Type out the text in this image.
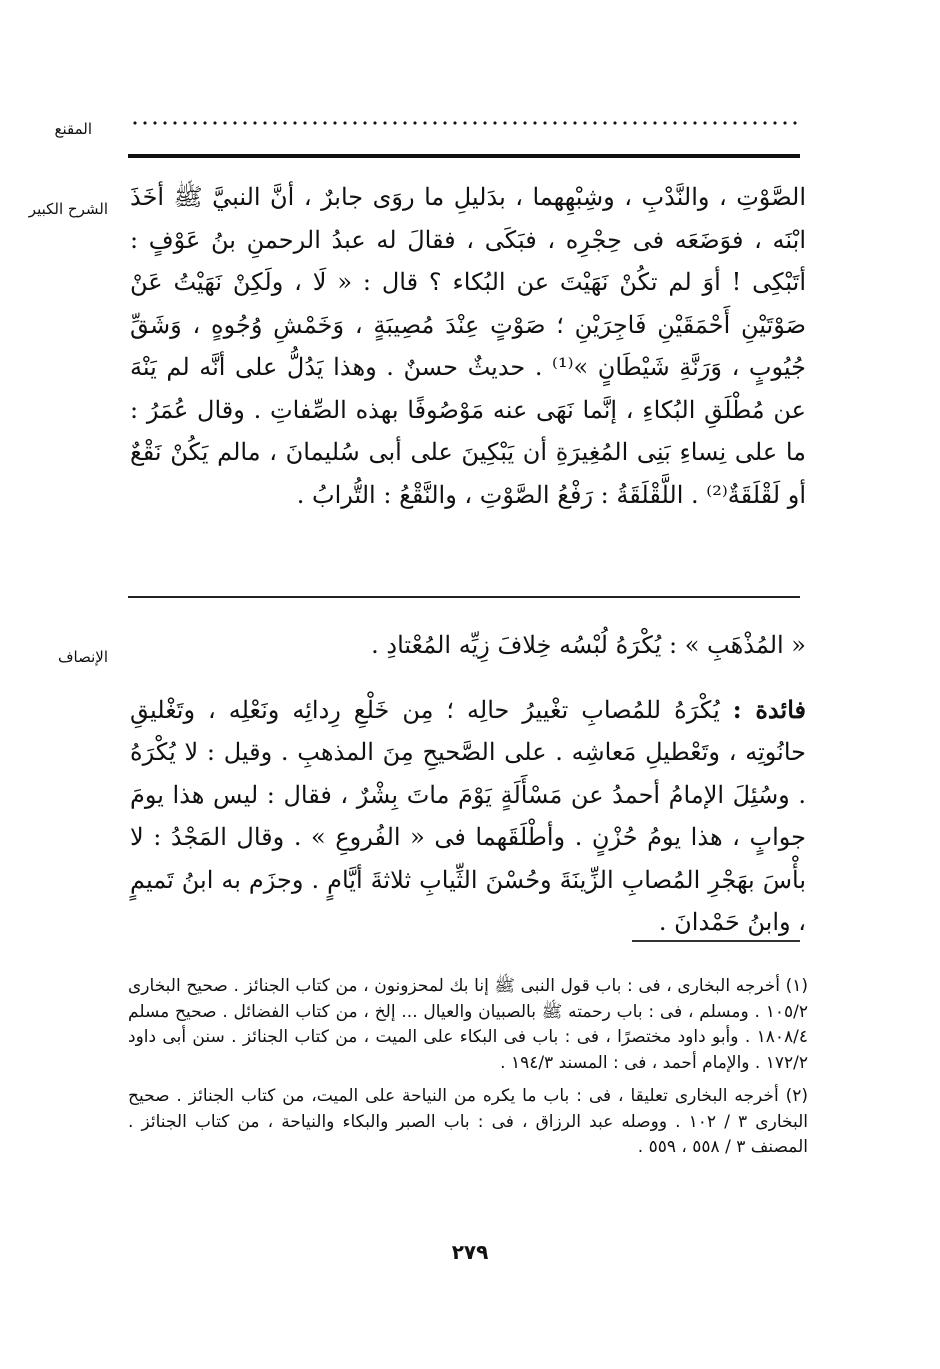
المقنع
الشرح الكبير الصَّوْتِ ، والنَّدْبِ ، وشِبْهِهما ، بدَليلِ ما روَى جابرٌ ، أنَّ النبيَّ ﷺ أخَذَ ابْنَه ، فوَضَعَه فى حِجْرِه ، فبَكَى ، فقالَ له عبدُ الرحمنِ بنُ عَوْفٍ : أتَبْكِى ! أوَ لم تكُنْ نَهَيْتَ عن البُكاء ؟ قال : « لَا ، ولَكِنْ نَهَيْتُ عَنْ صَوْتَيْنِ أَحْمَقَيْنِ فَاجِرَيْنِ ؛ صَوْتٍ عِنْدَ مُصِيبَةٍ ، وَخَمْشِ وُجُوهٍ ، وَشَقِّ جُيُوبٍ ، وَرَنَّةِ شَيْطَانٍ »⁽¹⁾ . حديثٌ حسنٌ . وهذا يَدُلُّ على أنَّه لم يَنْهَ عن مُطْلَقِ البُكاءِ ، إنَّما نَهَى عنه مَوْصُوفًا بهذه الصِّفاتِ . وقال عُمَرُ : ما على نِساءِ بَنِى المُغِيرَةِ أن يَبْكِينَ على أبى سُليمانَ ، مالم يَكُنْ نَقْعٌ أو لَقْلَقَةٌ⁽²⁾ . اللَّقْلَقَةُ : رَفْعُ الصَّوْتِ ، والنَّقْعُ : التُّرابُ .

الإنصاف	« المُذْهَبِ » : يُكْرَهُ لُبْسُه خِلافَ زِيِّه المُعْتادِ .

فائدة : يُكْرَهُ للمُصابِ تغْييرُ حالِه ؛ مِن خَلْعِ رِدائِه ونَعْلِه ، وتَغْليقِ حانُوتِه ، وتَعْطيلِ مَعاشِه . على الصَّحيحِ مِنَ المذهبِ . وقيل : لا يُكْرَهُ . وسُئِلَ الإمامُ أحمدُ عن مَسْأَلَةٍ يَوْمَ ماتَ بِشْرٌ ، فقال : ليس هذا يومَ جوابٍ ، هذا يومُ حُزْنٍ . وأطْلَقَهما فى « الفُروعِ » . وقال المَجْدُ : لا بأْسَ بهَجْرِ المُصابِ الزِّينَةَ وحُسْنَ الثِّيابِ ثلاثةَ أيَّامٍ . وجزَم به ابنُ تَميمٍ ، وابنُ حَمْدانَ .

(١) أخرجه البخارى ، فى : باب قول النبى ﷺ إنا بك لمحزونون ، من كتاب الجنائز . صحيح البخارى ١٠٥/٢ . ومسلم ، فى : باب رحمته ﷺ بالصبيان والعيال ... إلخ ، من كتاب الفضائل . صحيح مسلم ١٨٠٨/٤ . وأبو داود مختصرًا ، فى : باب فى البكاء على الميت ، من كتاب الجنائز . سنن أبى داود ١٧٢/٢ . والإمام أحمد ، فى : المسند ١٩٤/٣ .

(٢) أخرجه البخارى تعليقا ، فى : باب ما يكره من النياحة على الميت، من كتاب الجنائز . صحيح البخارى ٣ / ١٠٢ . ووصله عبد الرزاق ، فى : باب الصبر والبكاء والنياحة ، من كتاب الجنائز . المصنف ٣ / ٥٥٨ ، ٥٥٩ .

٢٧٩
